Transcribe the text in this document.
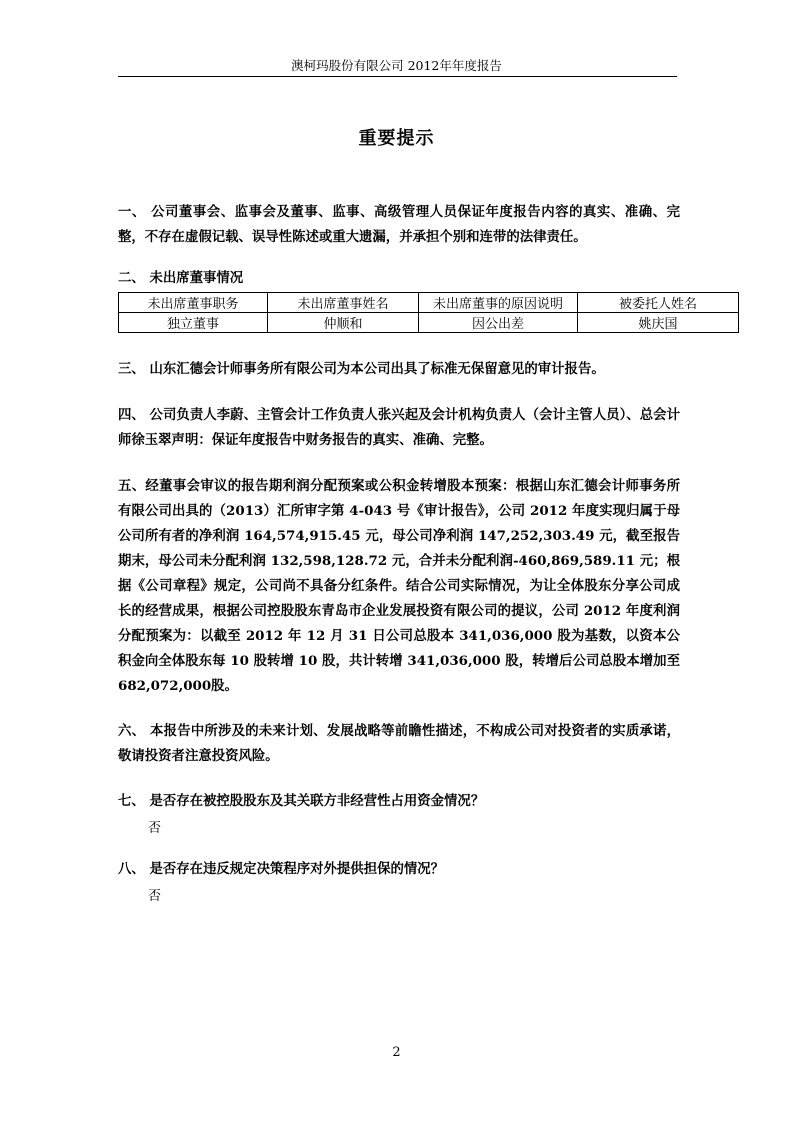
澳柯玛股份有限公司 2012年年度报告
重要提示
一、 公司董事会、监事会及董事、监事、高级管理人员保证年度报告内容的真实、准确、完整，不存在虚假记载、误导性陈述或重大遗漏，并承担个别和连带的法律责任。
二、 未出席董事情况
未出席董事职务	未出席董事姓名	未出席董事的原因说明	被委托人姓名
独立董事	仲顺和	因公出差	姚庆国
三、 山东汇德会计师事务所有限公司为本公司出具了标准无保留意见的审计报告。
四、 公司负责人李蔚、主管会计工作负责人张兴起及会计机构负责人（会计主管人员）、总会计师徐玉翠声明：保证年度报告中财务报告的真实、准确、完整。
五、经董事会审议的报告期利润分配预案或公积金转增股本预案：根据山东汇德会计师事务所有限公司出具的（2013）汇所审字第 4-043 号《审计报告》，公司 2012 年度实现归属于母公司所有者的净利润 164,574,915.45 元，母公司净利润 147,252,303.49 元，截至报告期末，母公司未分配利润 132,598,128.72 元，合并未分配利润-460,869,589.11 元；根据《公司章程》规定，公司尚不具备分红条件。结合公司实际情况，为让全体股东分享公司成长的经营成果，根据公司控股股东青岛市企业发展投资有限公司的提议，公司 2012 年度利润分配预案为：以截至 2012 年 12 月 31 日公司总股本 341,036,000 股为基数，以资本公积金向全体股东每 10 股转增 10 股，共计转增 341,036,000 股，转增后公司总股本增加至 682,072,000股。
六、 本报告中所涉及的未来计划、发展战略等前瞻性描述，不构成公司对投资者的实质承诺，敬请投资者注意投资风险。
七、 是否存在被控股股东及其关联方非经营性占用资金情况？
否
八、 是否存在违反规定决策程序对外提供担保的情况？
否
2
